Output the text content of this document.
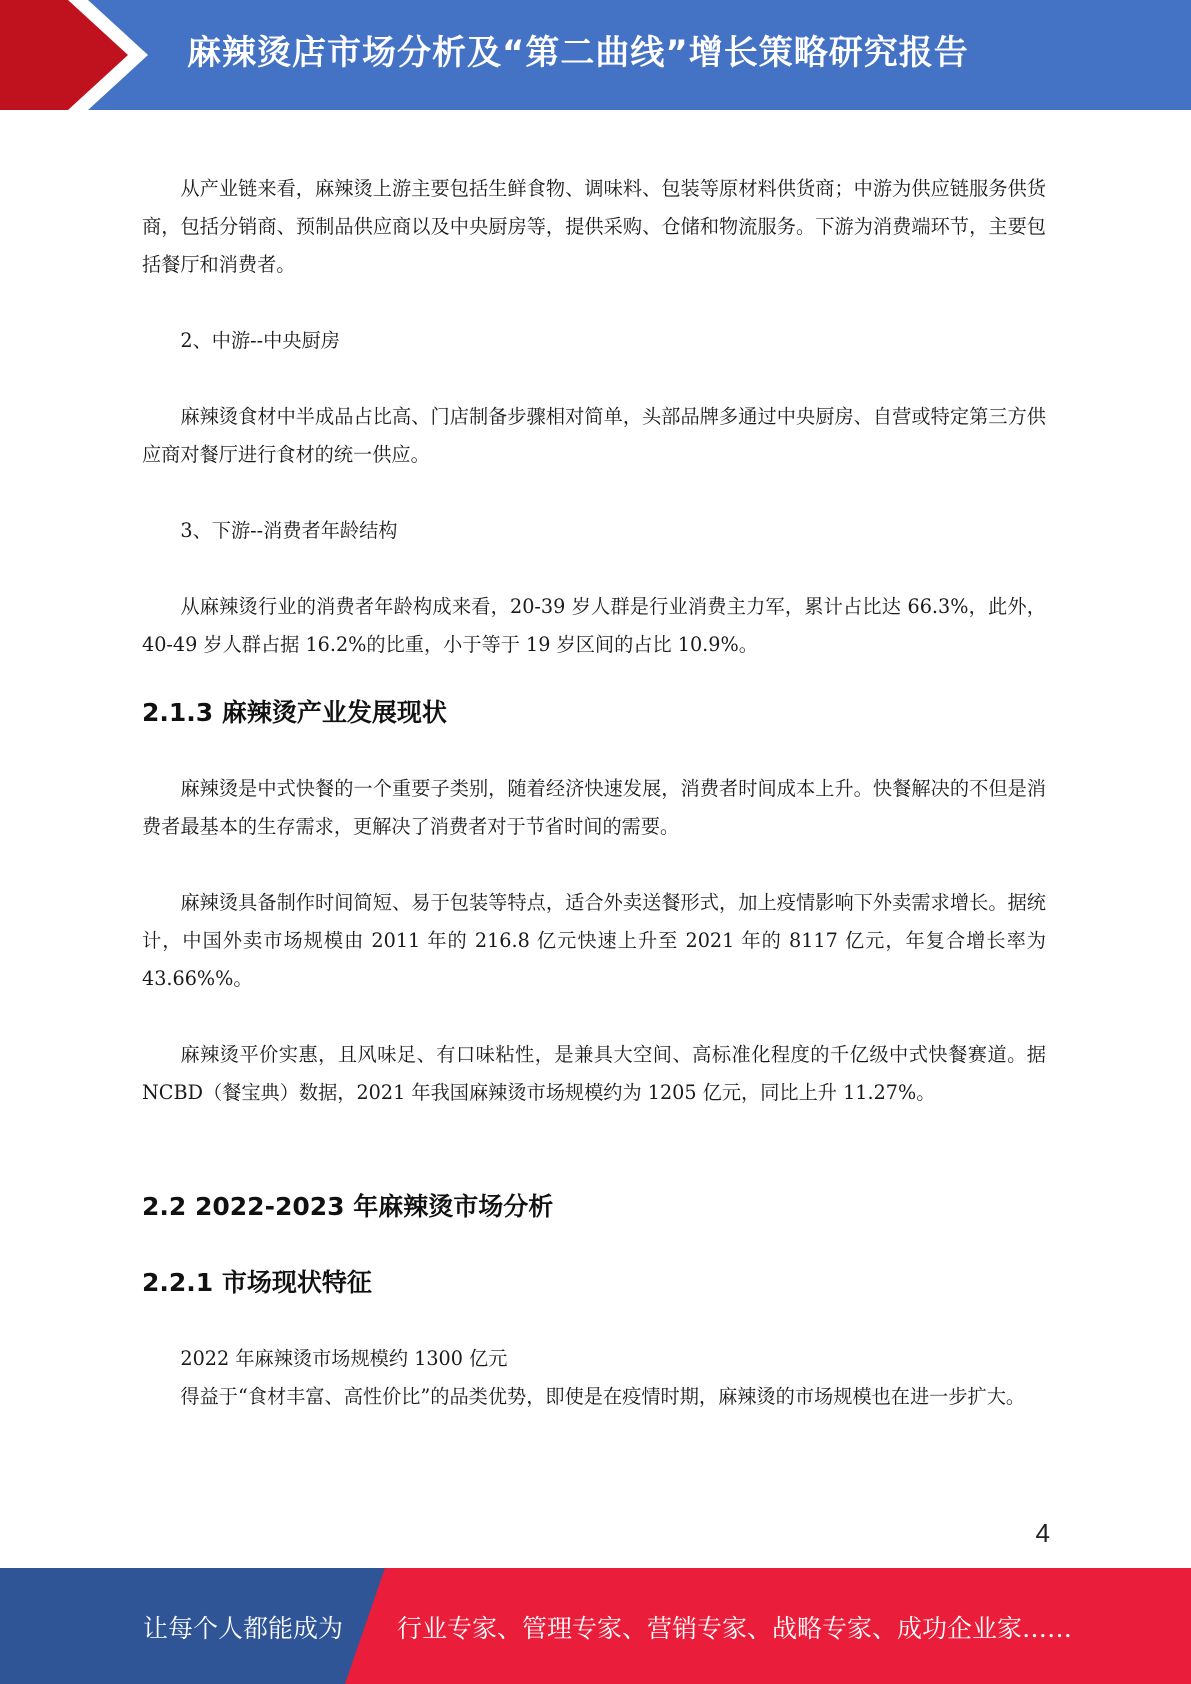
麻辣烫店市场分析及“第二曲线”增长策略研究报告

从产业链来看，麻辣烫上游主要包括生鲜食物、调味料、包装等原材料供货商；中游为供应链服务供货商，包括分销商、预制品供应商以及中央厨房等，提供采购、仓储和物流服务。下游为消费端环节，主要包括餐厅和消费者。

2、中游--中央厨房

麻辣烫食材中半成品占比高、门店制备步骤相对简单，头部品牌多通过中央厨房、自营或特定第三方供应商对餐厅进行食材的统一供应。

3、下游--消费者年龄结构

从麻辣烫行业的消费者年龄构成来看，20-39 岁人群是行业消费主力军，累计占比达 66.3%，此外，40-49 岁人群占据 16.2%的比重，小于等于 19 岁区间的占比 10.9%。

2.1.3 麻辣烫产业发展现状

麻辣烫是中式快餐的一个重要子类别，随着经济快速发展，消费者时间成本上升。快餐解决的不但是消费者最基本的生存需求，更解决了消费者对于节省时间的需要。

麻辣烫具备制作时间简短、易于包装等特点，适合外卖送餐形式，加上疫情影响下外卖需求增长。据统计，中国外卖市场规模由 2011 年的 216.8 亿元快速上升至 2021 年的 8117 亿元，年复合增长率为 43.66%%。

麻辣烫平价实惠，且风味足、有口味粘性，是兼具大空间、高标准化程度的千亿级中式快餐赛道。据 NCBD（餐宝典）数据，2021 年我国麻辣烫市场规模约为 1205 亿元，同比上升 11.27%。

2.2 2022-2023 年麻辣烫市场分析
2.2.1 市场现状特征

2022 年麻辣烫市场规模约 1300 亿元

得益于“食材丰富、高性价比”的品类优势，即使是在疫情时期，麻辣烫的市场规模也在进一步扩大。

4
让每个人都能成为 行业专家、管理专家、营销专家、战略专家、成功企业家……
